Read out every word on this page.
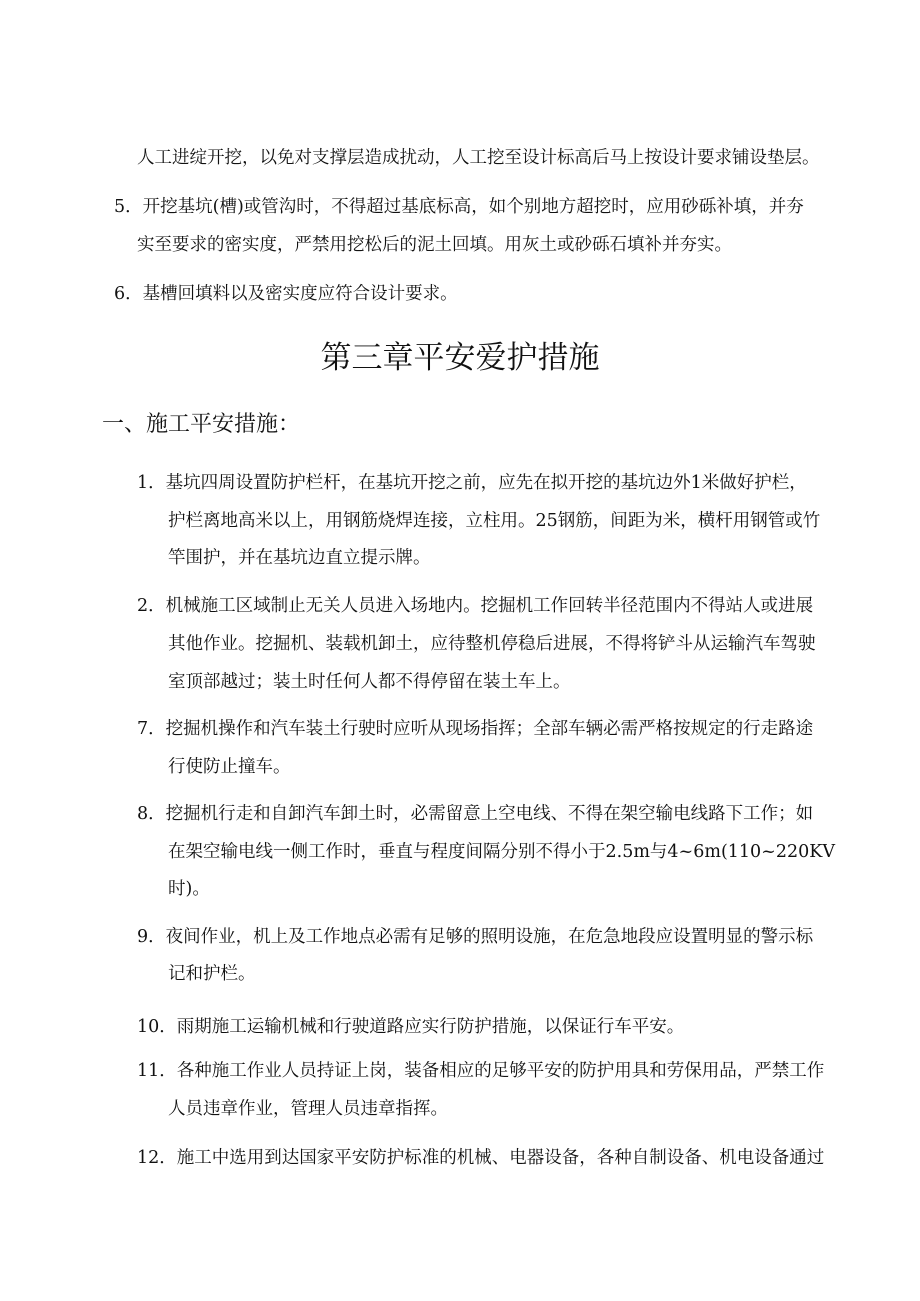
人工进绽开挖，以免对支撑层造成扰动，人工挖至设计标高后马上按设计要求铺设垫层。
5．开挖基坑(槽)或管沟时，不得超过基底标高，如个别地方超挖时，应用砂砾补填，并夯
实至要求的密实度，严禁用挖松后的泥土回填。用灰土或砂砾石填补并夯实。
6．基槽回填料以及密实度应符合设计要求。
第三章平安爱护措施
一、施工平安措施：
1．基坑四周设置防护栏杆，在基坑开挖之前，应先在拟开挖的基坑边外1米做好护栏，
护栏离地高米以上，用钢筋烧焊连接，立柱用。25钢筋，间距为米，横杆用钢管或竹
竿围护，并在基坑边直立提示牌。
2．机械施工区域制止无关人员进入场地内。挖掘机工作回转半径范围内不得站人或进展
其他作业。挖掘机、装载机卸土，应待整机停稳后进展，不得将铲斗从运输汽车驾驶
室顶部越过；装土时任何人都不得停留在装土车上。
7．挖掘机操作和汽车装土行驶时应听从现场指挥；全部车辆必需严格按规定的行走路途
行使防止撞车。
8．挖掘机行走和自卸汽车卸土时，必需留意上空电线、不得在架空输电线路下工作；如
在架空输电线一侧工作时，垂直与程度间隔分别不得小于2.5m与4~6m(110~220KV
时)。
9．夜间作业，机上及工作地点必需有足够的照明设施，在危急地段应设置明显的警示标
记和护栏。
10．雨期施工运输机械和行驶道路应实行防护措施，以保证行车平安。
11．各种施工作业人员持证上岗，装备相应的足够平安的防护用具和劳保用品，严禁工作
人员违章作业，管理人员违章指挥。
12．施工中选用到达国家平安防护标准的机械、电器设备，各种自制设备、机电设备通过
